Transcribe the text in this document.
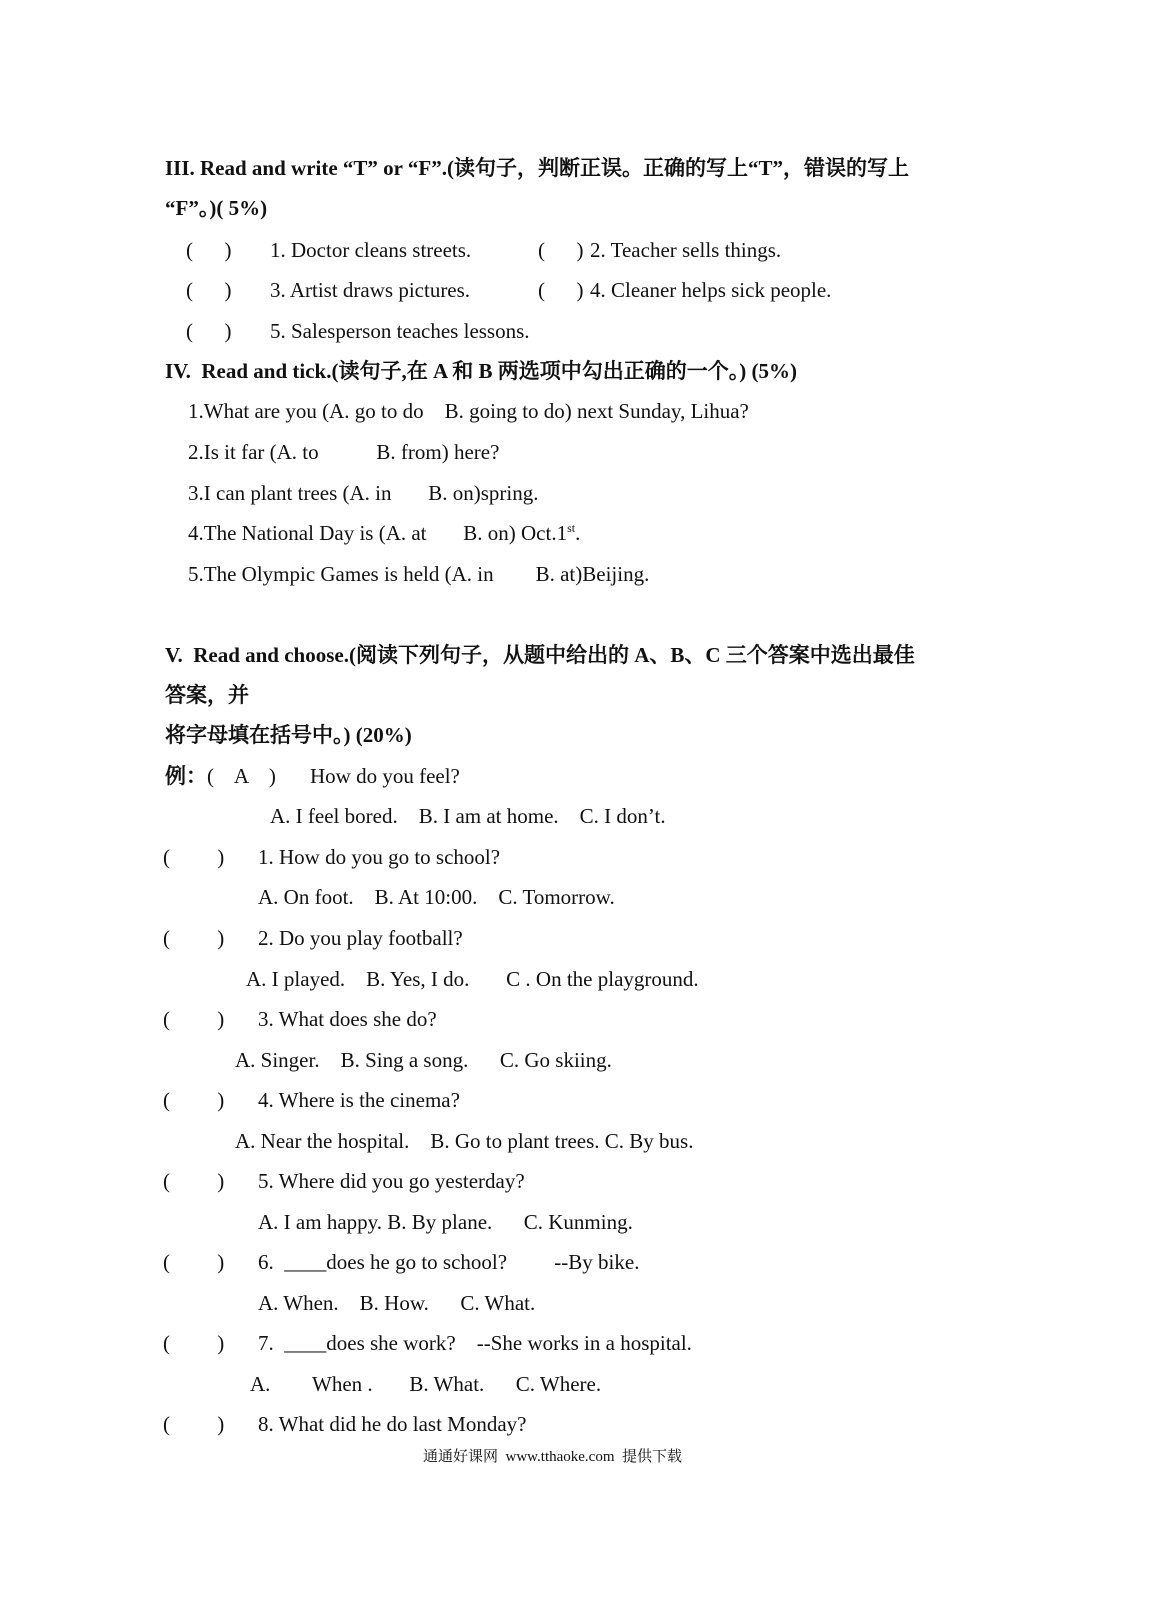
III. Read and write “T” or “F”.(读句子，判断正误。正确的写上“T”，错误的写上
“F”。)( 5%)
(      ) 1. Doctor cleans streets.	(      ) 2. Teacher sells things.
(      ) 3. Artist draws pictures.	(      ) 4. Cleaner helps sick people.
(      ) 5. Salesperson teaches lessons.
IV.  Read and tick.(读句子,在 A 和 B 两选项中勾出正确的一个。) (5%)
1.What are you (A. go to do    B. going to do) next Sunday, Lihua?
2.Is it far (A. to           B. from) here?
3.I can plant trees (A. in       B. on)spring.
4.The National Day is (A. at       B. on) Oct.1st.
5.The Olympic Games is held (A. in        B. at)Beijing.
V.  Read and choose.(阅读下列句子，从题中给出的 A、B、C 三个答案中选出最佳
答案，并
将字母填在括号中。) (20%)
例： (    A    ) How do you feel?
A. I feel bored.    B. I am at home.    C. I don’t.
(         ) 1. How do you go to school?
A. On foot.    B. At 10:00.    C. Tomorrow.
(         ) 2. Do you play football?
A. I played.    B. Yes, I do.       C . On the playground.
(         ) 3. What does she do?
A. Singer.    B. Sing a song.      C. Go skiing.
(         ) 4. Where is the cinema?
A. Near the hospital.    B. Go to plant trees. C. By bus.
(         ) 5. Where did you go yesterday?
A. I am happy. B. By plane.      C. Kunming.
(         ) 6.  ____does he go to school?         --By bike.
A. When.    B. How.      C. What.
(         ) 7.  ____does she work?    --She works in a hospital.
A.        When .       B. What.      C. Where.
(         ) 8. What did he do last Monday?
通通好课网  www.tthaoke.com  提供下载
